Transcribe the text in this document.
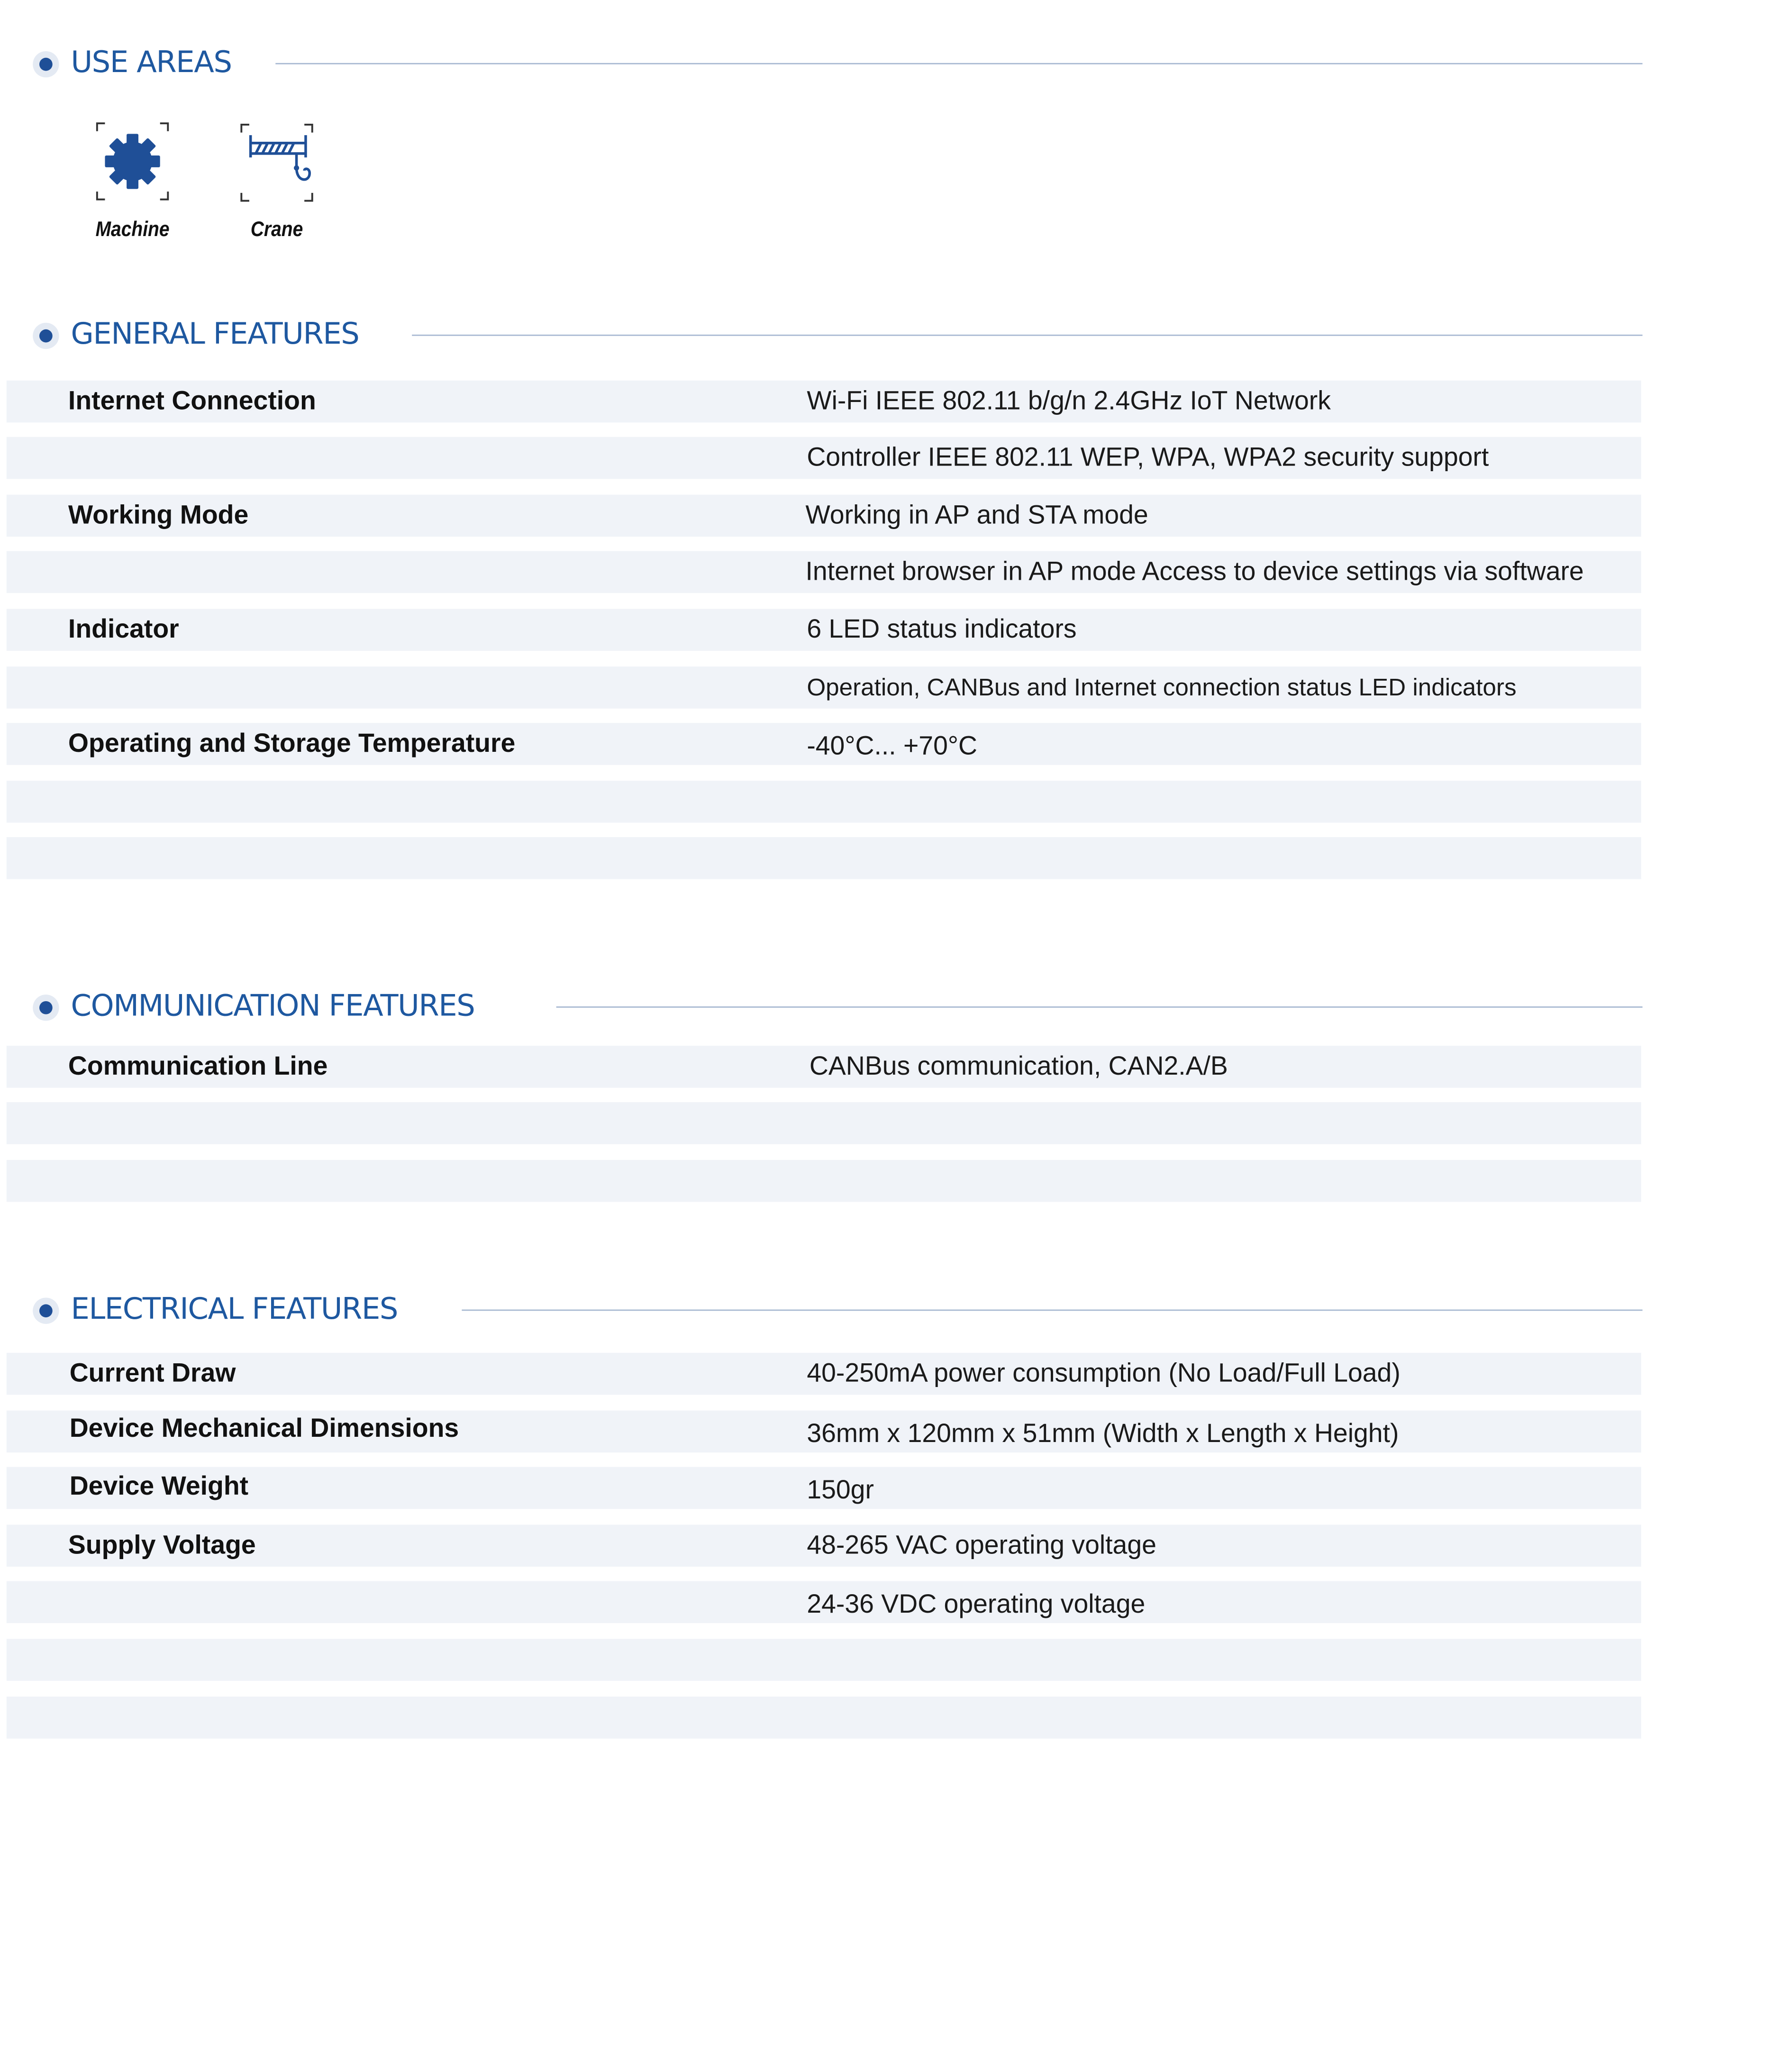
USE AREAS
Machine	Crane
GENERAL FEATURES
Internet Connection	Wi-Fi IEEE 802.11 b/g/n 2.4GHz IoT Network
Controller IEEE 802.11 WEP, WPA, WPA2 security support
Working Mode	Working in AP and STA mode
Internet browser in AP mode Access to device settings via software
Indicator	6 LED status indicators
Operation, CANBus and Internet connection status LED indicators
Operating and Storage Temperature	-40°C... +70°C
COMMUNICATION FEATURES
Communication Line	CANBus communication, CAN2.A/B
ELECTRICAL FEATURES
Current Draw	40-250mA power consumption (No Load/Full Load)
Device Mechanical Dimensions	36mm x 120mm x 51mm (Width x Length x Height)
Device Weight	150gr
Supply Voltage	48-265 VAC operating voltage
24-36 VDC operating voltage
